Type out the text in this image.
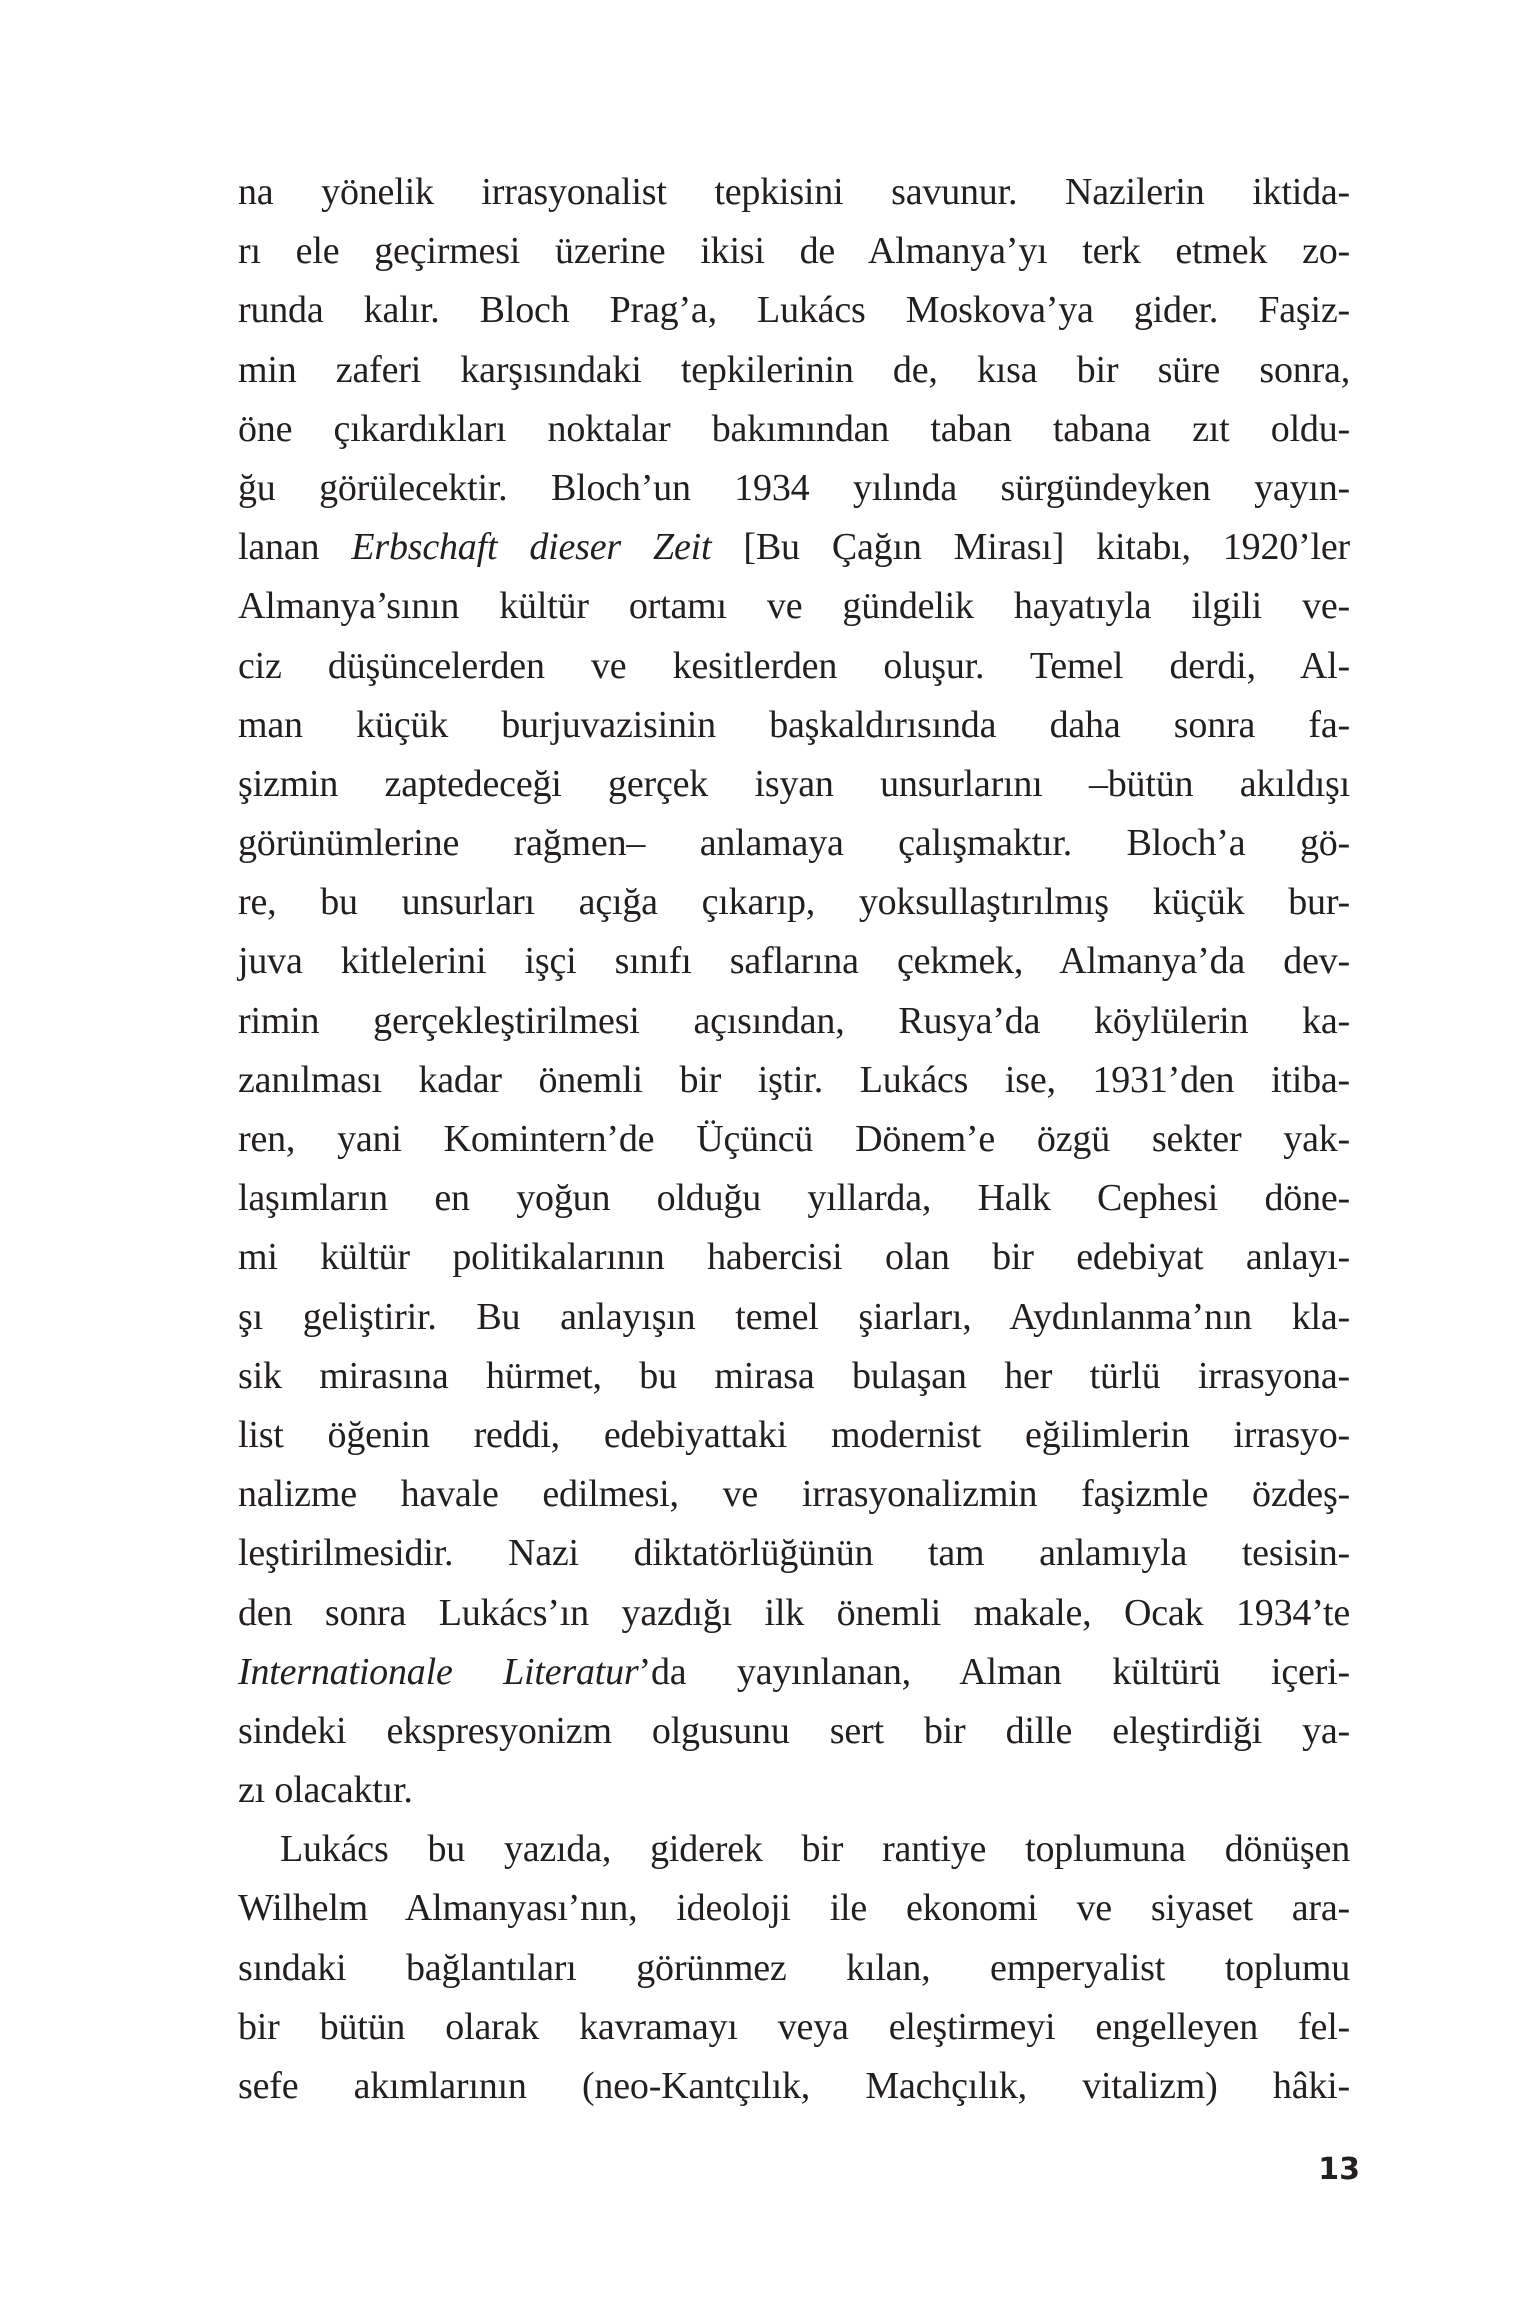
na yönelik irrasyonalist tepkisini savunur. Nazilerin iktida-
rı ele geçirmesi üzerine ikisi de Almanya’yı terk etmek zo-
runda kalır. Bloch Prag’a, Lukács Moskova’ya gider. Faşiz-
min zaferi karşısındaki tepkilerinin de, kısa bir süre sonra,
öne çıkardıkları noktalar bakımından taban tabana zıt oldu-
ğu görülecektir. Bloch’un 1934 yılında sürgündeyken yayın-
lanan Erbschaft dieser Zeit [Bu Çağın Mirası] kitabı, 1920’ler
Almanya’sının kültür ortamı ve gündelik hayatıyla ilgili ve-
ciz düşüncelerden ve kesitlerden oluşur. Temel derdi, Al-
man küçük burjuvazisinin başkaldırısında daha sonra fa-
şizmin zaptedeceği gerçek isyan unsurlarını –bütün akıldışı
görünümlerine rağmen– anlamaya çalışmaktır. Bloch’a gö-
re, bu unsurları açığa çıkarıp, yoksullaştırılmış küçük bur-
juva kitlelerini işçi sınıfı saflarına çekmek, Almanya’da dev-
rimin gerçekleştirilmesi açısından, Rusya’da köylülerin ka-
zanılması kadar önemli bir iştir. Lukács ise, 1931’den itiba-
ren, yani Komintern’de Üçüncü Dönem’e özgü sekter yak-
laşımların en yoğun olduğu yıllarda, Halk Cephesi döne-
mi kültür politikalarının habercisi olan bir edebiyat anlayı-
şı geliştirir. Bu anlayışın temel şiarları, Aydınlanma’nın kla-
sik mirasına hürmet, bu mirasa bulaşan her türlü irrasyona-
list öğenin reddi, edebiyattaki modernist eğilimlerin irrasyo-
nalizme havale edilmesi, ve irrasyonalizmin faşizmle özdeş-
leştirilmesidir. Nazi diktatörlüğünün tam anlamıyla tesisin-
den sonra Lukács’ın yazdığı ilk önemli makale, Ocak 1934’te
Internationale Literatur’da yayınlanan, Alman kültürü içeri-
sindeki ekspresyonizm olgusunu sert bir dille eleştirdiği ya-
zı olacaktır.
Lukács bu yazıda, giderek bir rantiye toplumuna dönüşen
Wilhelm Almanyası’nın, ideoloji ile ekonomi ve siyaset ara-
sındaki bağlantıları görünmez kılan, emperyalist toplumu
bir bütün olarak kavramayı veya eleştirmeyi engelleyen fel-
sefe akımlarının (neo-Kantçılık, Machçılık, vitalizm) hâki-
13
